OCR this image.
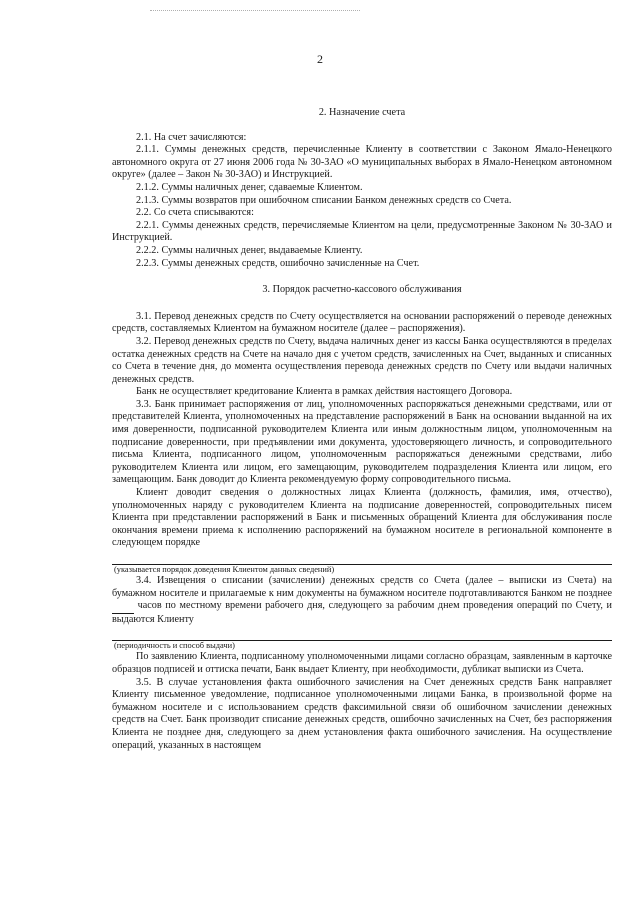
2

2. Назначение счета

2.1. На счет зачисляются:

2.1.1. Суммы денежных средств, перечисленные Клиенту в соответствии с Законом Ямало-Ненецкого автономного округа от 27 июня 2006 года № 30-ЗАО «О муниципальных выборах в Ямало-Ненецком автономном округе» (далее – Закон № 30-ЗАО) и Инструкцией.

2.1.2. Суммы наличных денег, сдаваемые Клиентом.

2.1.3. Суммы возвратов при ошибочном списании Банком денежных средств со Счета.

2.2. Со счета списываются:

2.2.1. Суммы денежных средств, перечисляемые Клиентом на цели, предусмотренные Законом № 30-ЗАО и Инструкцией.

2.2.2. Суммы наличных денег, выдаваемые Клиенту.

2.2.3. Суммы денежных средств, ошибочно зачисленные на Счет.

3. Порядок расчетно-кассового обслуживания

3.1. Перевод денежных средств по Счету осуществляется на основании распоряжений о переводе денежных средств, составляемых Клиентом на бумажном носителе (далее – распоряжения).

3.2. Перевод денежных средств по Счету, выдача наличных денег из кассы Банка осуществляются в пределах остатка денежных средств на Счете на начало дня с учетом средств, зачисленных на Счет, выданных и списанных со Счета в течение дня, до момента осуществления перевода денежных средств по Счету или выдачи наличных денежных средств.

Банк не осуществляет кредитование Клиента в рамках действия настоящего Договора.

3.3. Банк принимает распоряжения от лиц, уполномоченных распоряжаться денежными средствами, или от представителей Клиента, уполномоченных на представление распоряжений в Банк на основании выданной на их имя доверенности, подписанной руководителем Клиента или иным должностным лицом, уполномоченным на подписание доверенности, при предъявлении ими документа, удостоверяющего личность, и сопроводительного письма Клиента, подписанного лицом, уполномоченным распоряжаться денежными средствами, либо руководителем Клиента или лицом, его замещающим, руководителем подразделения Клиента или лицом, его замещающим. Банк доводит до Клиента рекомендуемую форму сопроводительного письма.

Клиент доводит сведения о должностных лицах Клиента (должность, фамилия, имя, отчество), уполномоченных наряду с руководителем Клиента на подписание доверенностей, сопроводительных писем Клиента при представлении распоряжений в Банк и письменных обращений Клиента для обслуживания после окончания времени приема к исполнению распоряжений на бумажном носителе в региональной компоненте в следующем порядке

(указывается порядок доведения Клиентом данных сведений)

3.4. Извещения о списании (зачислении) денежных средств со Счета (далее – выписки из Счета) на бумажном носителе и прилагаемые к ним документы на бумажном носителе подготавливаются Банком не позднее   часов по местному времени рабочего дня, следующего за рабочим днем проведения операций по Счету, и выдаются Клиенту

(периодичность и способ выдачи)

По заявлению Клиента, подписанному уполномоченными лицами согласно образцам, заявленным в карточке образцов подписей и оттиска печати, Банк выдает Клиенту, при необходимости, дубликат выписки из Счета.

3.5. В случае установления факта ошибочного зачисления на Счет денежных средств Банк направляет Клиенту письменное уведомление, подписанное уполномоченными лицами Банка, в произвольной форме на бумажном носителе и с использованием средств факсимильной связи об ошибочном зачислении денежных средств на Счет. Банк производит списание денежных средств, ошибочно зачисленных на Счет, без распоряжения Клиента не позднее дня, следующего за днем установления факта ошибочного зачисления. На осуществление операций, указанных в настоящем
